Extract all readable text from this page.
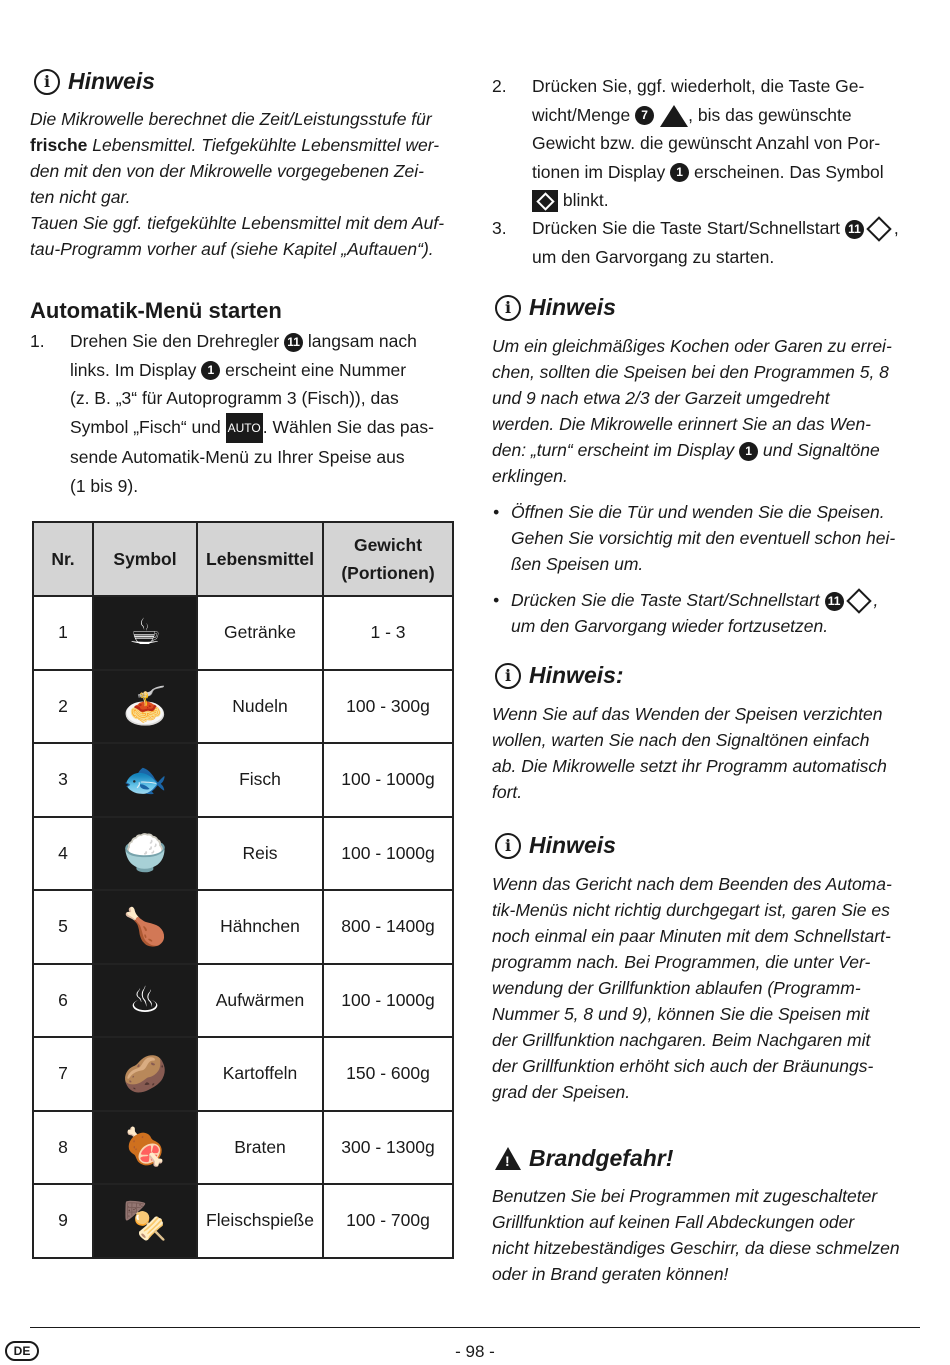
i Hinweis
Die Mikrowelle berechnet die Zeit/Leistungsstufe für
frische Lebensmittel. Tiefgekühlte Lebensmittel wer-
den mit den von der Mikrowelle vorgegebenen Zei-
ten nicht gar.
Tauen Sie ggf. tiefgekühlte Lebensmittel mit dem Auf-
tau-Programm vorher auf (siehe Kapitel „Auftauen“).
Automatik-Menü starten
1. Drehen Sie den Drehregler 11 langsam nach
links. Im Display 1 erscheint eine Nummer
(z. B. „3“ für Autoprogramm 3 (Fisch)), das
Symbol „Fisch“ und AUTO . Wählen Sie das pas-
sende Automatik-Menü zu Ihrer Speise aus
(1 bis 9).
Nr.	Symbol	Lebensmittel	Gewicht
(Portionen)

1	☕	Getränke	1 - 3
2	🍝	Nudeln	100 - 300g
3	🐟	Fisch	100 - 1000g
4	🍚	Reis	100 - 1000g
5	🍗	Hähnchen	800 - 1400g
6	♨	Aufwärmen	100 - 1000g
7	🥔	Kartoffeln	150 - 600g
8	🍖	Braten	300 - 1300g
9	🍢	Fleischspieße	100 - 700g
2. Drücken Sie, ggf. wiederholt, die Taste Ge-
wicht/Menge 7 , bis das gewünschte
Gewicht bzw. die gewünscht Anzahl von Por-
tionen im Display 1 erscheinen. Das Symbol
blinkt.
3. Drücken Sie die Taste Start/Schnellstart 11 ,
um den Garvorgang zu starten.
i Hinweis
Um ein gleichmäßiges Kochen oder Garen zu errei-
chen, sollten die Speisen bei den Programmen 5, 8
und 9 nach etwa 2/3 der Garzeit umgedreht
werden. Die Mikrowelle erinnert Sie an das Wen-
den: „turn“ erscheint im Display 1 und Signaltöne
erklingen.
• Öffnen Sie die Tür und wenden Sie die Speisen.
Gehen Sie vorsichtig mit den eventuell schon hei-
ßen Speisen um.
• Drücken Sie die Taste Start/Schnellstart 11 ,
um den Garvorgang wieder fortzusetzen.
i Hinweis:
Wenn Sie auf das Wenden der Speisen verzichten
wollen, warten Sie nach den Signaltönen einfach
ab. Die Mikrowelle setzt ihr Programm automatisch
fort.
i Hinweis
Wenn das Gericht nach dem Beenden des Automa-
tik-Menüs nicht richtig durchgegart ist, garen Sie es
noch einmal ein paar Minuten mit dem Schnellstart-
programm nach. Bei Programmen, die unter Ver-
wendung der Grillfunktion ablaufen (Programm-
Nummer 5, 8 und 9), können Sie die Speisen mit
der Grillfunktion nachgaren. Beim Nachgaren mit
der Grillfunktion erhöht sich auch der Bräunungs-
grad der Speisen.
!
Brandgefahr!
Benutzen Sie bei Programmen mit zugeschalteter
Grillfunktion auf keinen Fall Abdeckungen oder
nicht hitzebeständiges Geschirr, da diese schmelzen
oder in Brand geraten können!
DE	- 98 -
